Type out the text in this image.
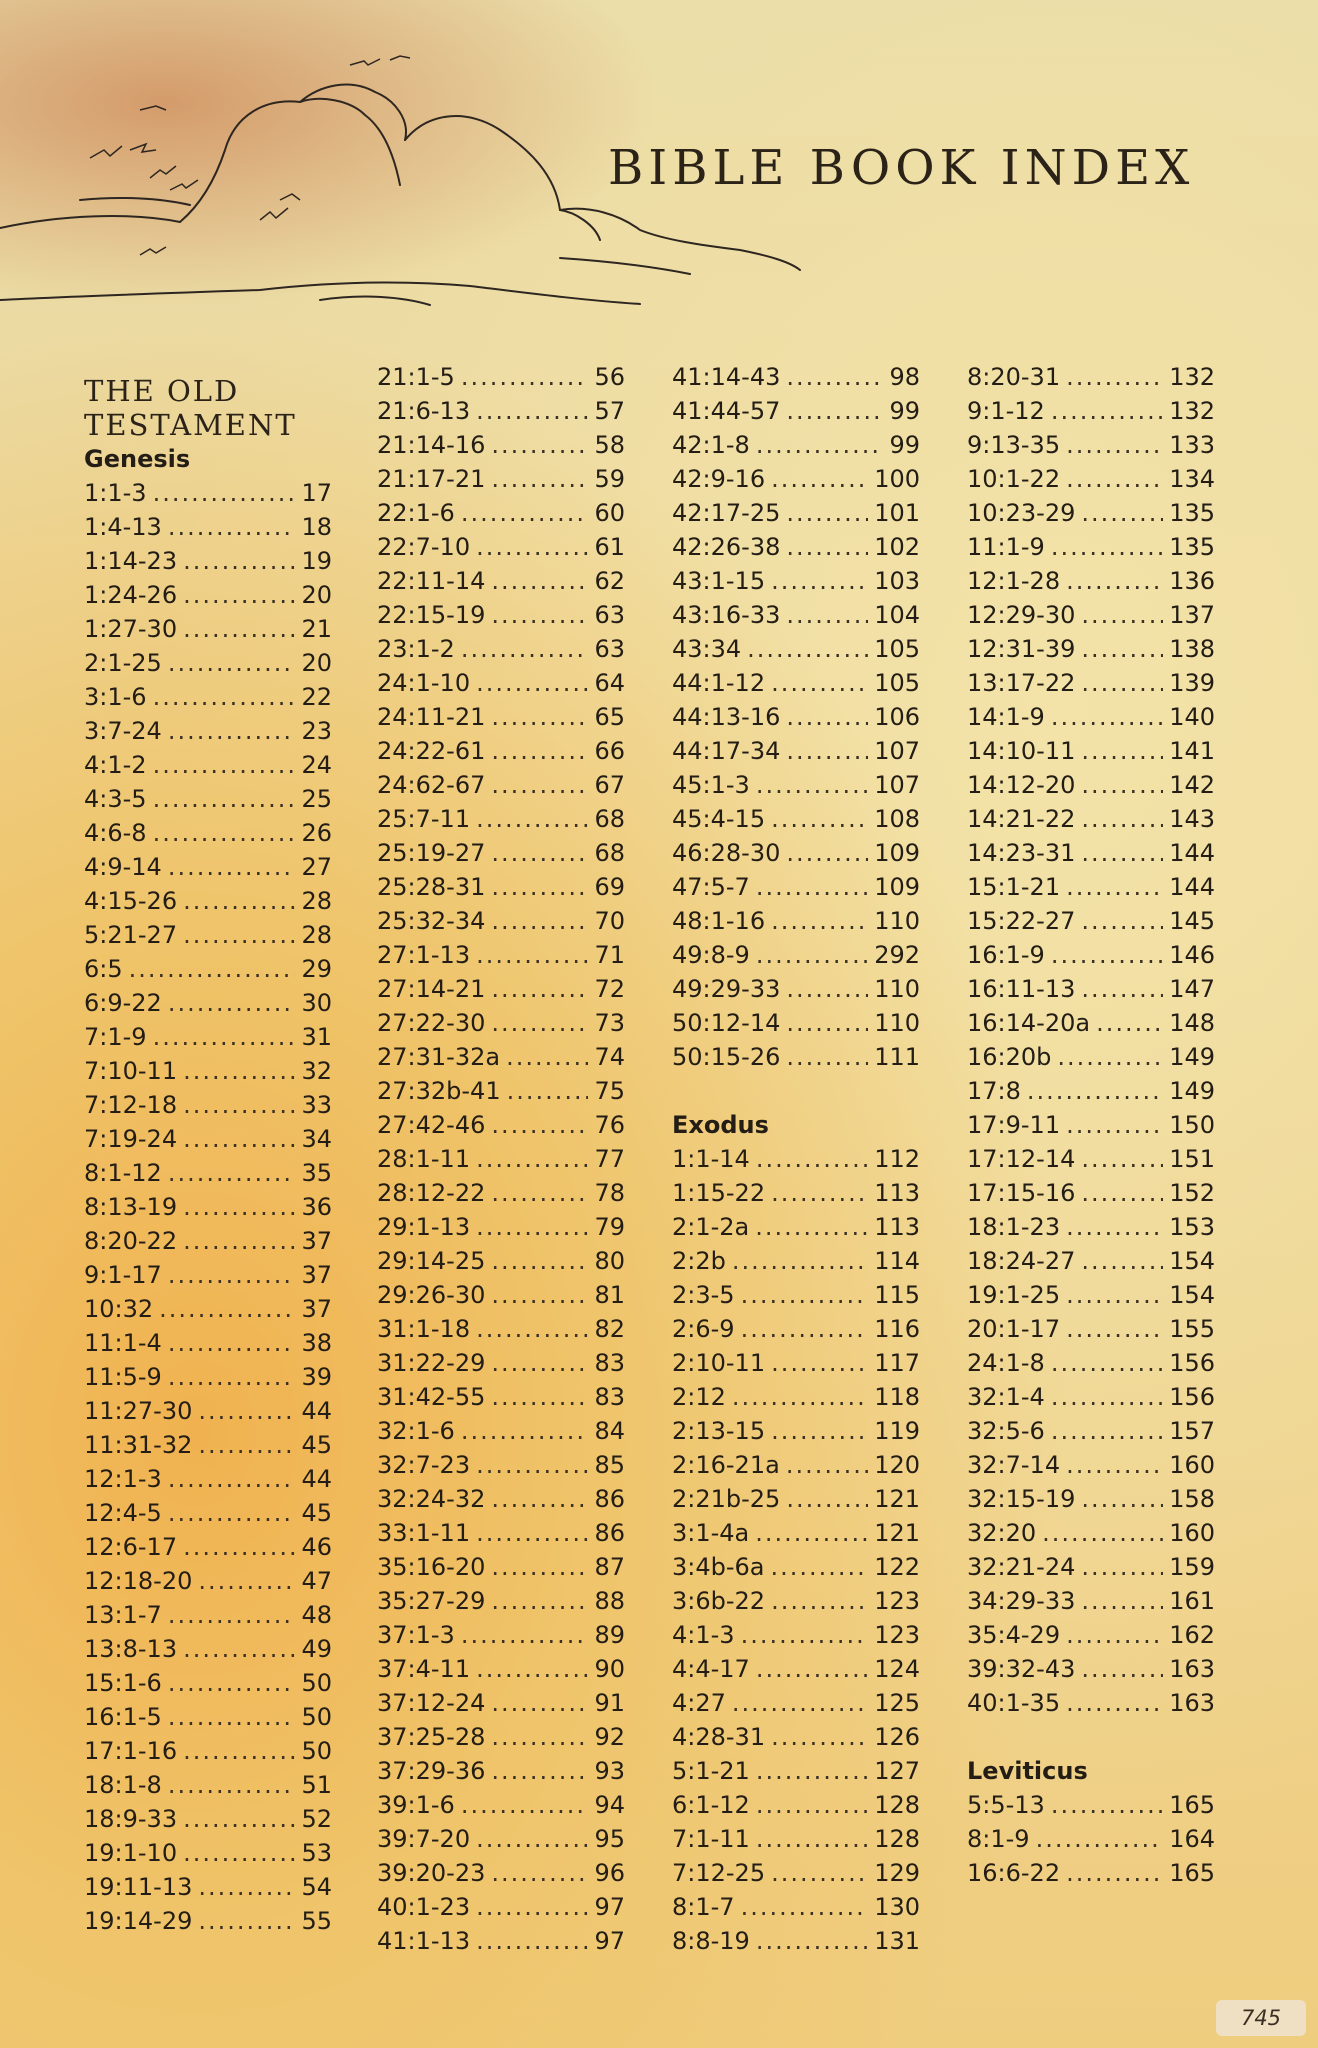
BIBLE BOOK INDEX
THE OLD TESTAMENT
Genesis
1:1-3 .....	17
1:4-13 .....	18
1:14-23 .....	19
1:24-26 .....	20
1:27-30 .....	21
2:1-25 .....	20
3:1-6 .....	22
3:7-24 .....	23
4:1-2 .....	24
4:3-5 .....	25
4:6-8 .....	26
4:9-14 .....	27
4:15-26 .....	28
5:21-27 .....	28
6:5 .....	29
6:9-22 .....	30
7:1-9 .....	31
7:10-11 .....	32
7:12-18 .....	33
7:19-24 .....	34
8:1-12 .....	35
8:13-19 .....	36
8:20-22 .....	37
9:1-17 .....	37
10:32 .....	37
11:1-4 .....	38
11:5-9 .....	39
11:27-30 .....	44
11:31-32 .....	45
12:1-3 .....	44
12:4-5 .....	45
12:6-17 .....	46
12:18-20 .....	47
13:1-7 .....	48
13:8-13 .....	49
15:1-6 .....	50
16:1-5 .....	50
17:1-16 .....	50
18:1-8 .....	51
18:9-33 .....	52
19:1-10 .....	53
19:11-13 .....	54
19:14-29 .....	55
21:1-5 .....	56
21:6-13 .....	57
21:14-16 .....	58
21:17-21 .....	59
22:1-6 .....	60
22:7-10 .....	61
22:11-14 .....	62
22:15-19 .....	63
23:1-2 .....	63
24:1-10 .....	64
24:11-21 .....	65
24:22-61 .....	66
24:62-67 .....	67
25:7-11 .....	68
25:19-27 .....	68
25:28-31 .....	69
25:32-34 .....	70
27:1-13 .....	71
27:14-21 .....	72
27:22-30 .....	73
27:31-32a .....	74
27:32b-41 .....	75
27:42-46 .....	76
28:1-11 .....	77
28:12-22 .....	78
29:1-13 .....	79
29:14-25 .....	80
29:26-30 .....	81
31:1-18 .....	82
31:22-29 .....	83
31:42-55 .....	83
32:1-6 .....	84
32:7-23 .....	85
32:24-32 .....	86
33:1-11 .....	86
35:16-20 .....	87
35:27-29 .....	88
37:1-3 .....	89
37:4-11 .....	90
37:12-24 .....	91
37:25-28 .....	92
37:29-36 .....	93
39:1-6 .....	94
39:7-20 .....	95
39:20-23 .....	96
40:1-23 .....	97
41:1-13 .....	97
41:14-43 .....	98
41:44-57 .....	99
42:1-8 .....	99
42:9-16 .....	100
42:17-25 .....	101
42:26-38 .....	102
43:1-15 .....	103
43:16-33 .....	104
43:34 .....	105
44:1-12 .....	105
44:13-16 .....	106
44:17-34 .....	107
45:1-3 .....	107
45:4-15 .....	108
46:28-30 .....	109
47:5-7 .....	109
48:1-16 .....	110
49:8-9 .....	292
49:29-33 .....	110
50:12-14 .....	110
50:15-26 .....	111
Exodus
1:1-14 .....	112
1:15-22 .....	113
2:1-2a .....	113
2:2b .....	114
2:3-5 .....	115
2:6-9 .....	116
2:10-11 .....	117
2:12 .....	118
2:13-15 .....	119
2:16-21a .....	120
2:21b-25 .....	121
3:1-4a .....	121
3:4b-6a .....	122
3:6b-22 .....	123
4:1-3 .....	123
4:4-17 .....	124
4:27 .....	125
4:28-31 .....	126
5:1-21 .....	127
6:1-12 .....	128
7:1-11 .....	128
7:12-25 .....	129
8:1-7 .....	130
8:8-19 .....	131
8:20-31 .....	132
9:1-12 .....	132
9:13-35 .....	133
10:1-22 .....	134
10:23-29 .....	135
11:1-9 .....	135
12:1-28 .....	136
12:29-30 .....	137
12:31-39 .....	138
13:17-22 .....	139
14:1-9 .....	140
14:10-11 .....	141
14:12-20 .....	142
14:21-22 .....	143
14:23-31 .....	144
15:1-21 .....	144
15:22-27 .....	145
16:1-9 .....	146
16:11-13 .....	147
16:14-20a .....	148
16:20b .....	149
17:8 .....	149
17:9-11 .....	150
17:12-14 .....	151
17:15-16 .....	152
18:1-23 .....	153
18:24-27 .....	154
19:1-25 .....	154
20:1-17 .....	155
24:1-8 .....	156
32:1-4 .....	156
32:5-6 .....	157
32:7-14 .....	160
32:15-19 .....	158
32:20 .....	160
32:21-24 .....	159
34:29-33 .....	161
35:4-29 .....	162
39:32-43 .....	163
40:1-35 .....	163
Leviticus
5:5-13 .....	165
8:1-9 .....	164
16:6-22 .....	165
745
